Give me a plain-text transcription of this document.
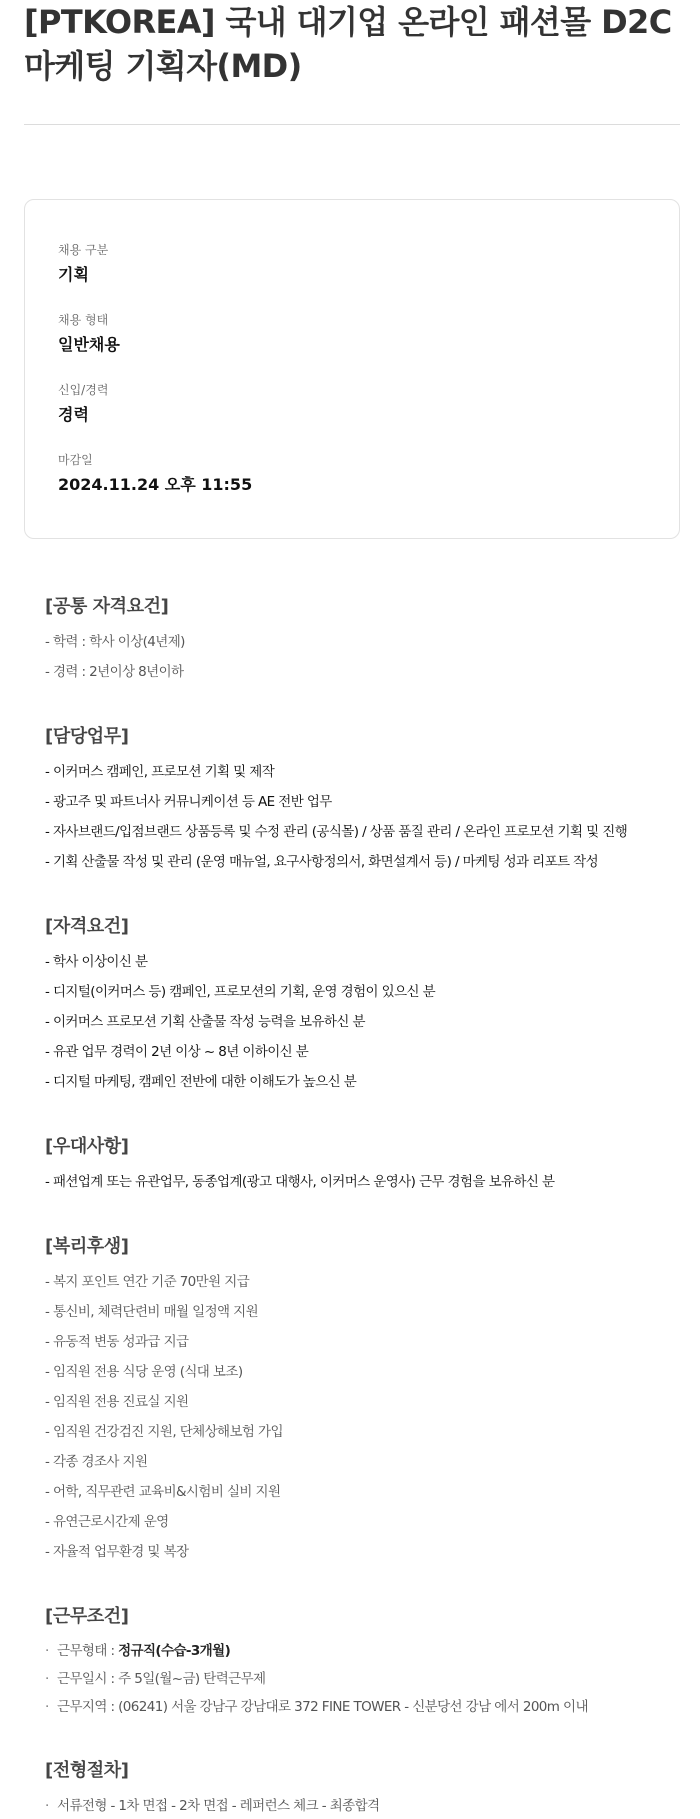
[PTKOREA] 국내 대기업 온라인 패션몰 D2C 마케팅 기획자(MD)
채용 구분
기획
채용 형태
일반채용
신입/경력
경력
마감일
2024.11.24 오후 11:55
[공통 자격요건]
- 학력 : 학사 이상(4년제)
- 경력 : 2년이상 8년이하
[담당업무]
- 이커머스 캠페인, 프로모션 기획 및 제작
- 광고주 및 파트너사 커뮤니케이션 등 AE 전반 업무
- 자사브랜드/입점브랜드 상품등록 및 수정 관리 (공식몰) / 상품 품질 관리 / 온라인 프로모션 기획 및 진행
- 기획 산출물 작성 및 관리 (운영 매뉴얼, 요구사항정의서, 화면설계서 등) / 마케팅 성과 리포트 작성
[자격요건]
- 학사 이상이신 분
- 디지털(이커머스 등) 캠페인, 프로모션의 기획, 운영 경험이 있으신 분
- 이커머스 프로모션 기획 산출물 작성 능력을 보유하신 분
- 유관 업무 경력이 2년 이상 ~ 8년 이하이신 분
- 디지털 마케팅, 캠페인 전반에 대한 이해도가 높으신 분
[우대사항]
- 패션업계 또는 유관업무, 동종업계(광고 대행사, 이커머스 운영사) 근무 경험을 보유하신 분
[복리후생]
- 복지 포인트 연간 기준 70만원 지급
- 통신비, 체력단련비 매월 일정액 지원
- 유동적 변동 성과급 지급
- 임직원 전용 식당 운영 (식대 보조)
- 임직원 전용 진료실 지원
- 임직원 건강검진 지원, 단체상해보험 가입
- 각종 경조사 지원
- 어학, 직무관련 교육비&시험비 실비 지원
- 유연근로시간제 운영
- 자율적 업무환경 및 복장
[근무조건]
· 근무형태 : 정규직(수습-3개월)
· 근무일시 : 주 5일(월~금) 탄력근무제
· 근무지역 : (06241) 서울 강남구 강남대로 372 FINE TOWER - 신분당선 강남 에서 200m 이내
[전형절차]
· 서류전형 - 1차 면접 - 2차 면접 - 레퍼런스 체크 - 최종합격
